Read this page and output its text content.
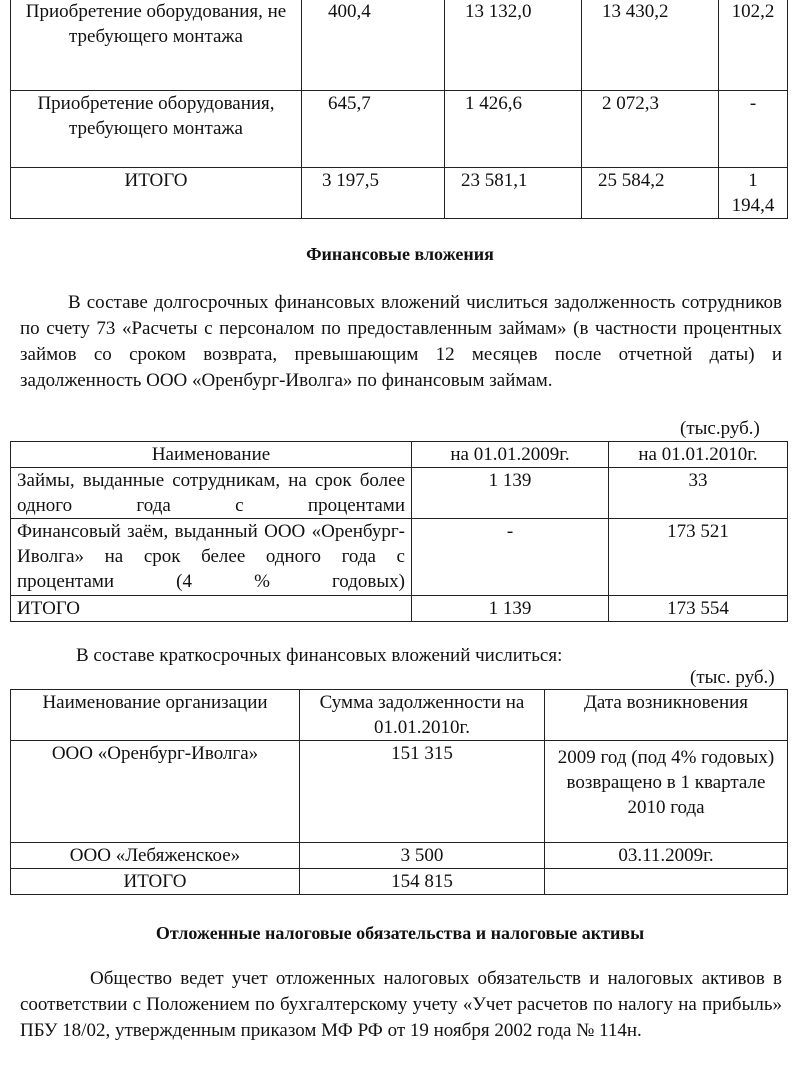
Приобретение оборудования, не требующего монтажа	400,4	13 132,0	13 430,2	102,2
Приобретение оборудования, требующего монтажа	645,7	1 426,6	2 072,3	-
ИТОГО	3 197,5	23 581,1	25 584,2	1 194,4
Финансовые вложения
В составе долгосрочных финансовых вложений числиться задолженность сотрудников по счету 73 «Расчеты с персоналом по предоставленным займам» (в частности процентных займов со сроком возврата, превышающим 12 месяцев после отчетной даты) и задолженность ООО «Оренбург-Иволга» по финансовым займам.
(тыс.руб.)
Наименование	на 01.01.2009г.	на 01.01.2010г.
Займы, выданные сотрудникам, на срок более одного года с процентами	1 139	33
Финансовый заём, выданный ООО «Оренбург-Иволга» на срок белее одного года с процентами (4 % годовых)	-	173 521
ИТОГО	1 139	173 554
В составе краткосрочных финансовых вложений числиться:
(тыс. руб.)
Наименование организации	Сумма задолженности на 01.01.2010г.	Дата возникновения
ООО «Оренбург-Иволга»	151 315	2009 год (под 4% годовых) возвращено в 1 квартале 2010 года
ООО «Лебяженское»	3 500	03.11.2009г.
ИТОГО	154 815	
Отложенные налоговые обязательства и налоговые активы
Общество ведет учет отложенных налоговых обязательств и налоговых активов в соответствии с Положением по бухгалтерскому учету «Учет расчетов по налогу на прибыль» ПБУ 18/02, утвержденным приказом МФ РФ от 19 ноября 2002 года № 114н.
